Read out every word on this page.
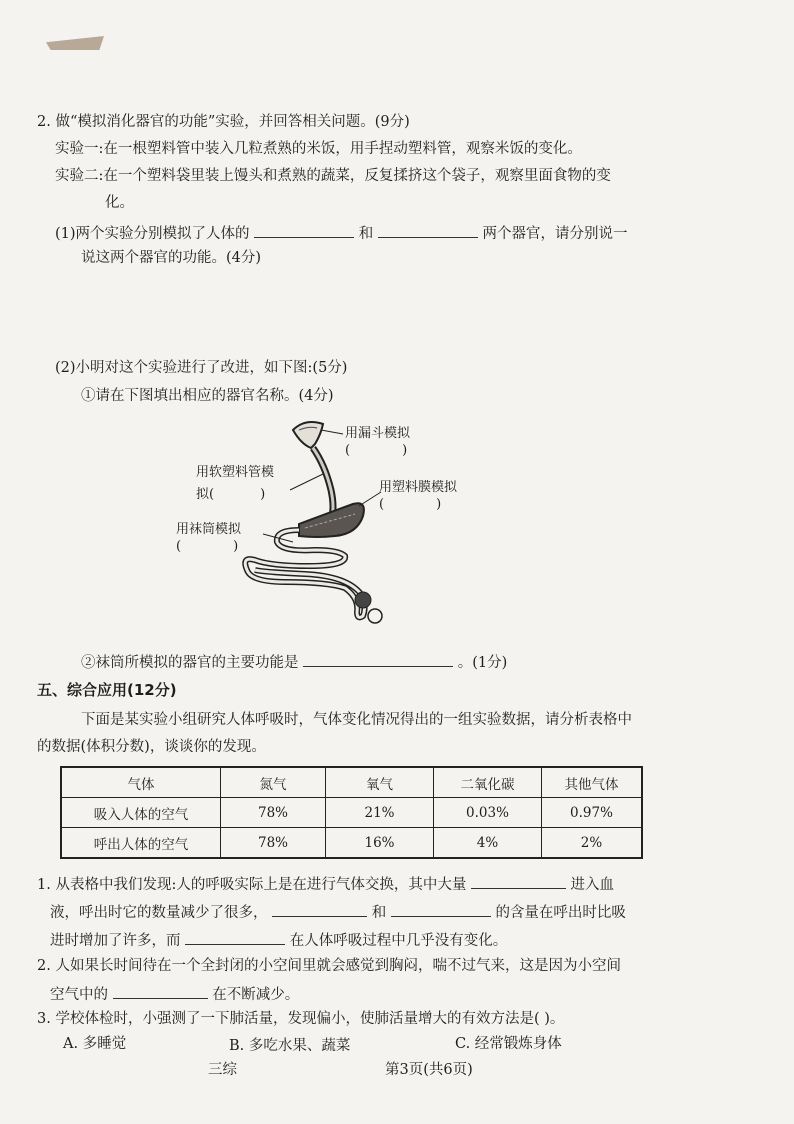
2. 做“模拟消化器官的功能”实验，并回答相关问题。(9分)
实验一:在一根塑料管中装入几粒煮熟的米饭，用手捏动塑料管，观察米饭的变化。
实验二:在一个塑料袋里装上馒头和煮熟的蔬菜，反复揉挤这个袋子，观察里面食物的变
化。
(1)两个实验分别模拟了人体的	和	两个器官，请分别说一
说这两个器官的功能。(4分)
(2)小明对这个实验进行了改进，如下图:(5分)
①请在下图填出相应的器官名称。(4分)
用漏斗模拟
(	)
用软塑料管模
拟(	)	用塑料膜模拟
(	)
用袜筒模拟
(	)
②袜筒所模拟的器官的主要功能是	。(1分)
五、综合应用(12分)
下面是某实验小组研究人体呼吸时，气体变化情况得出的一组实验数据，请分析表格中
的数据(体积分数)，谈谈你的发现。
气体	氮气	氧气	二氧化碳	其他气体
吸入人体的空气	78%	21%	0.03%	0.97%
呼出人体的空气	78%	16%	4%	2%
1. 从表格中我们发现:人的呼吸实际上是在进行气体交换，其中大量	进入血
液，呼出时它的数量减少了很多，	和	的含量在呼出时比吸
进时增加了许多，而	在人体呼吸过程中几乎没有变化。
2. 人如果长时间待在一个全封闭的小空间里就会感觉到胸闷，喘不过气来，这是因为小空间
空气中的	在不断减少。
3. 学校体检时，小强测了一下肺活量，发现偏小，使肺活量增大的有效方法是( )。
A. 多睡觉	B. 多吃水果、蔬菜	C. 经常锻炼身体
三综	第3页(共6页)
